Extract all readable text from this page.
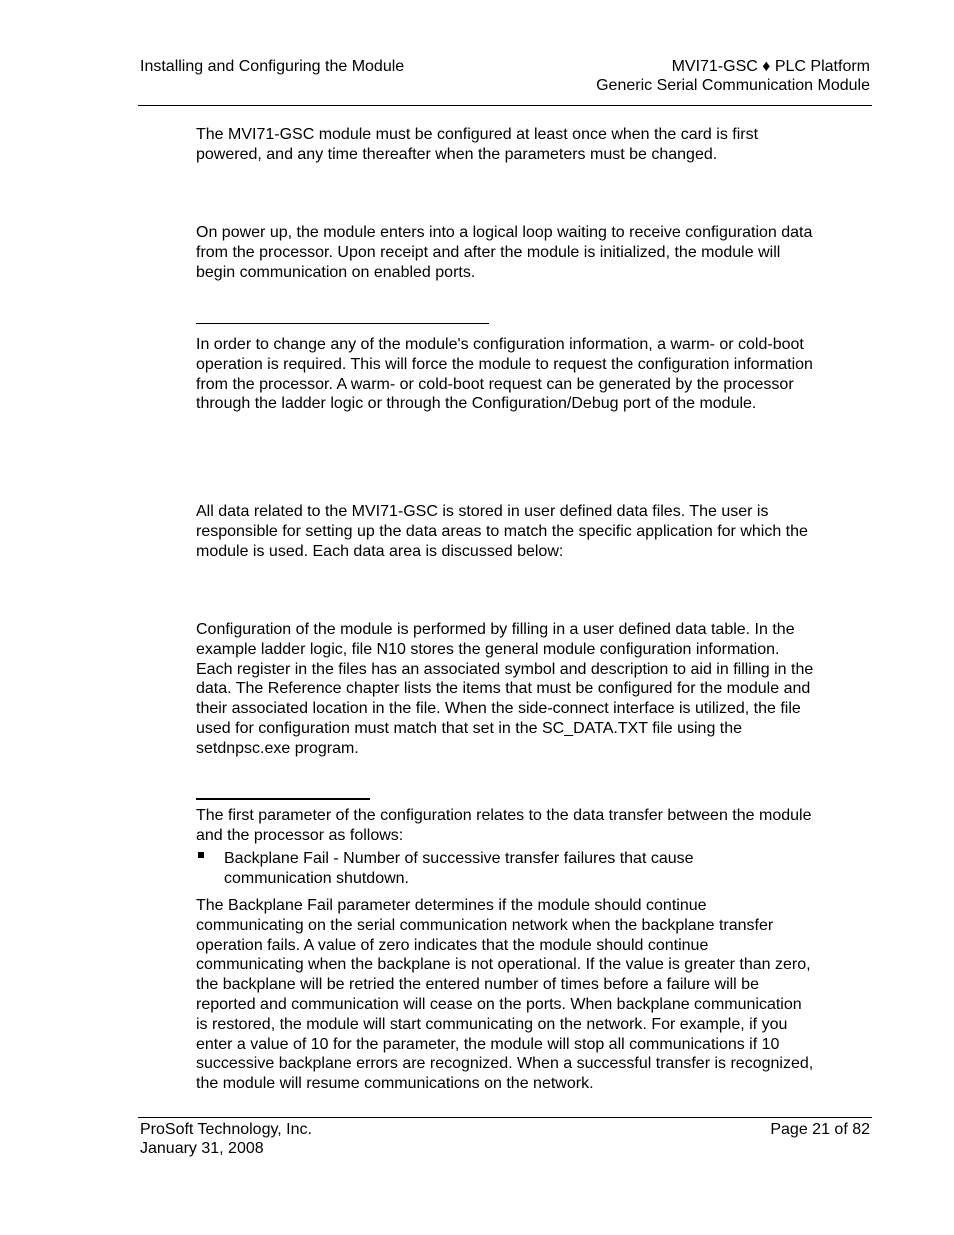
Installing and Configuring the Module	MVI71-GSC ♦ PLC Platform
Generic Serial Communication Module

The MVI71-GSC module must be configured at least once when the card is first powered, and any time thereafter when the parameters must be changed.

On power up, the module enters into a logical loop waiting to receive configuration data from the processor. Upon receipt and after the module is initialized, the module will begin communication on enabled ports.

In order to change any of the module's configuration information, a warm- or cold-boot operation is required. This will force the module to request the configuration information from the processor. A warm- or cold-boot request can be generated by the processor through the ladder logic or through the Configuration/Debug port of the module.

All data related to the MVI71-GSC is stored in user defined data files. The user is responsible for setting up the data areas to match the specific application for which the module is used. Each data area is discussed below:

Configuration of the module is performed by filling in a user defined data table. In the example ladder logic, file N10 stores the general module configuration information. Each register in the files has an associated symbol and description to aid in filling in the data. The Reference chapter lists the items that must be configured for the module and their associated location in the file. When the side-connect interface is utilized, the file used for configuration must match that set in the SC_DATA.TXT file using the setdnpsc.exe program.

The first parameter of the configuration relates to the data transfer between the module and the processor as follows:

Backplane Fail - Number of successive transfer failures that cause communication shutdown.

The Backplane Fail parameter determines if the module should continue communicating on the serial communication network when the backplane transfer operation fails. A value of zero indicates that the module should continue communicating when the backplane is not operational. If the value is greater than zero, the backplane will be retried the entered number of times before a failure will be reported and communication will cease on the ports. When backplane communication is restored, the module will start communicating on the network. For example, if you enter a value of 10 for the parameter, the module will stop all communications if 10 successive backplane errors are recognized. When a successful transfer is recognized, the module will resume communications on the network.

ProSoft Technology, Inc.
January 31, 2008
Page 21 of 82
